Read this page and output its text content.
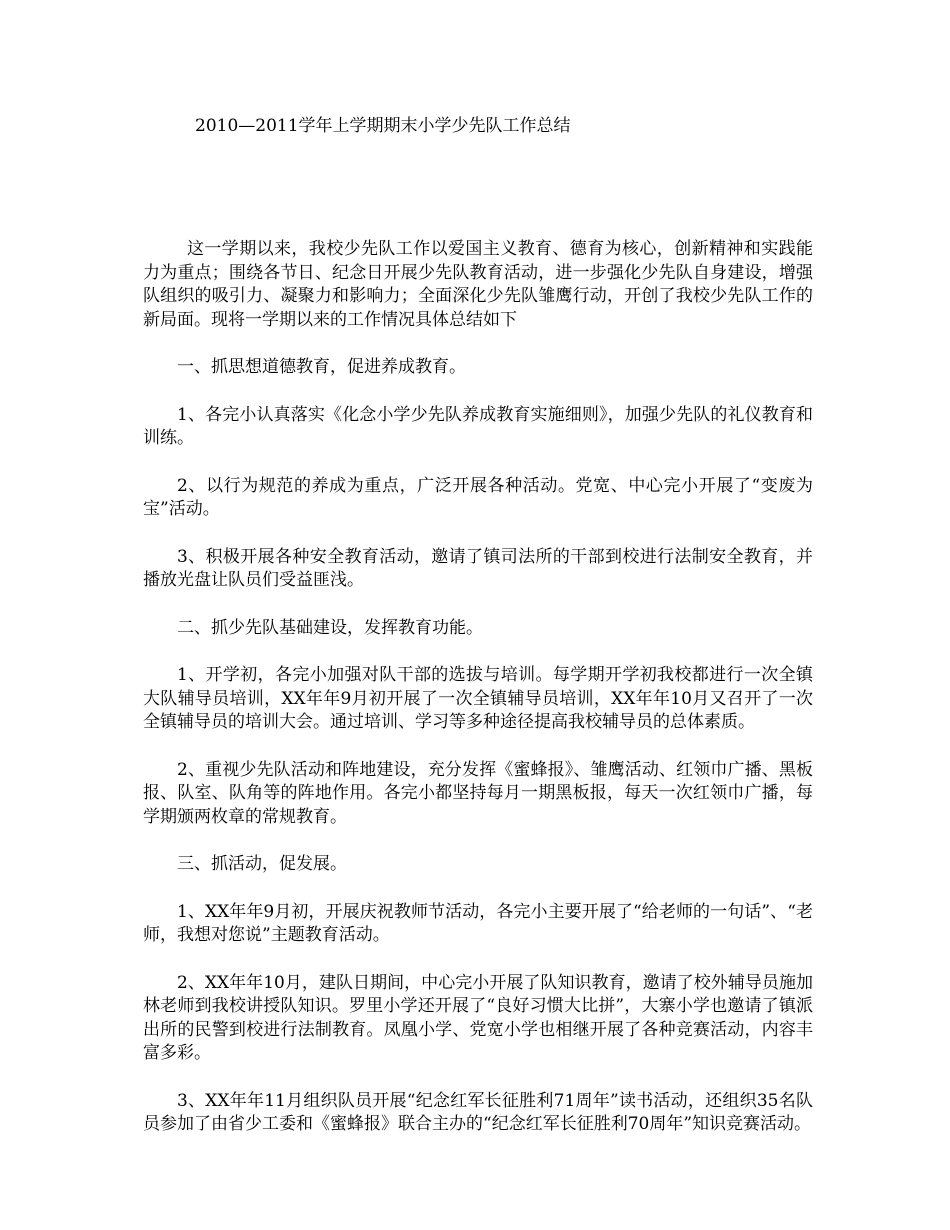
2010—2011学年上学期期末小学少先队工作总结

这一学期以来，我校少先队工作以爱国主义教育、德育为核心，创新精神和实践能力为重点；围绕各节日、纪念日开展少先队教育活动，进一步强化少先队自身建设，增强队组织的吸引力、凝聚力和影响力；全面深化少先队雏鹰行动，开创了我校少先队工作的新局面。现将一学期以来的工作情况具体总结如下

一、抓思想道德教育，促进养成教育。

1、各完小认真落实《化念小学少先队养成教育实施细则》，加强少先队的礼仪教育和训练。

2、以行为规范的养成为重点，广泛开展各种活动。党宽、中心完小开展了“变废为宝”活动。

3、积极开展各种安全教育活动，邀请了镇司法所的干部到校进行法制安全教育，并播放光盘让队员们受益匪浅。

二、抓少先队基础建设，发挥教育功能。

1、开学初，各完小加强对队干部的选拔与培训。每学期开学初我校都进行一次全镇大队辅导员培训，XX年年9月初开展了一次全镇辅导员培训，XX年年10月又召开了一次全镇辅导员的培训大会。通过培训、学习等多种途径提高我校辅导员的总体素质。

2、重视少先队活动和阵地建设，充分发挥《蜜蜂报》、雏鹰活动、红领巾广播、黑板报、队室、队角等的阵地作用。各完小都坚持每月一期黑板报，每天一次红领巾广播，每学期颁两枚章的常规教育。

三、抓活动，促发展。

1、XX年年9月初，开展庆祝教师节活动，各完小主要开展了“给老师的一句话”、“老师，我想对您说”主题教育活动。

2、XX年年10月，建队日期间，中心完小开展了队知识教育，邀请了校外辅导员施加林老师到我校讲授队知识。罗里小学还开展了“良好习惯大比拼”，大寨小学也邀请了镇派出所的民警到校进行法制教育。凤凰小学、党宽小学也相继开展了各种竞赛活动，内容丰富多彩。

3、XX年年11月组织队员开展“纪念红军长征胜利71周年”读书活动，还组织35名队员参加了由省少工委和《蜜蜂报》联合主办的“纪念红军长征胜利70周年”知识竞赛活动。
